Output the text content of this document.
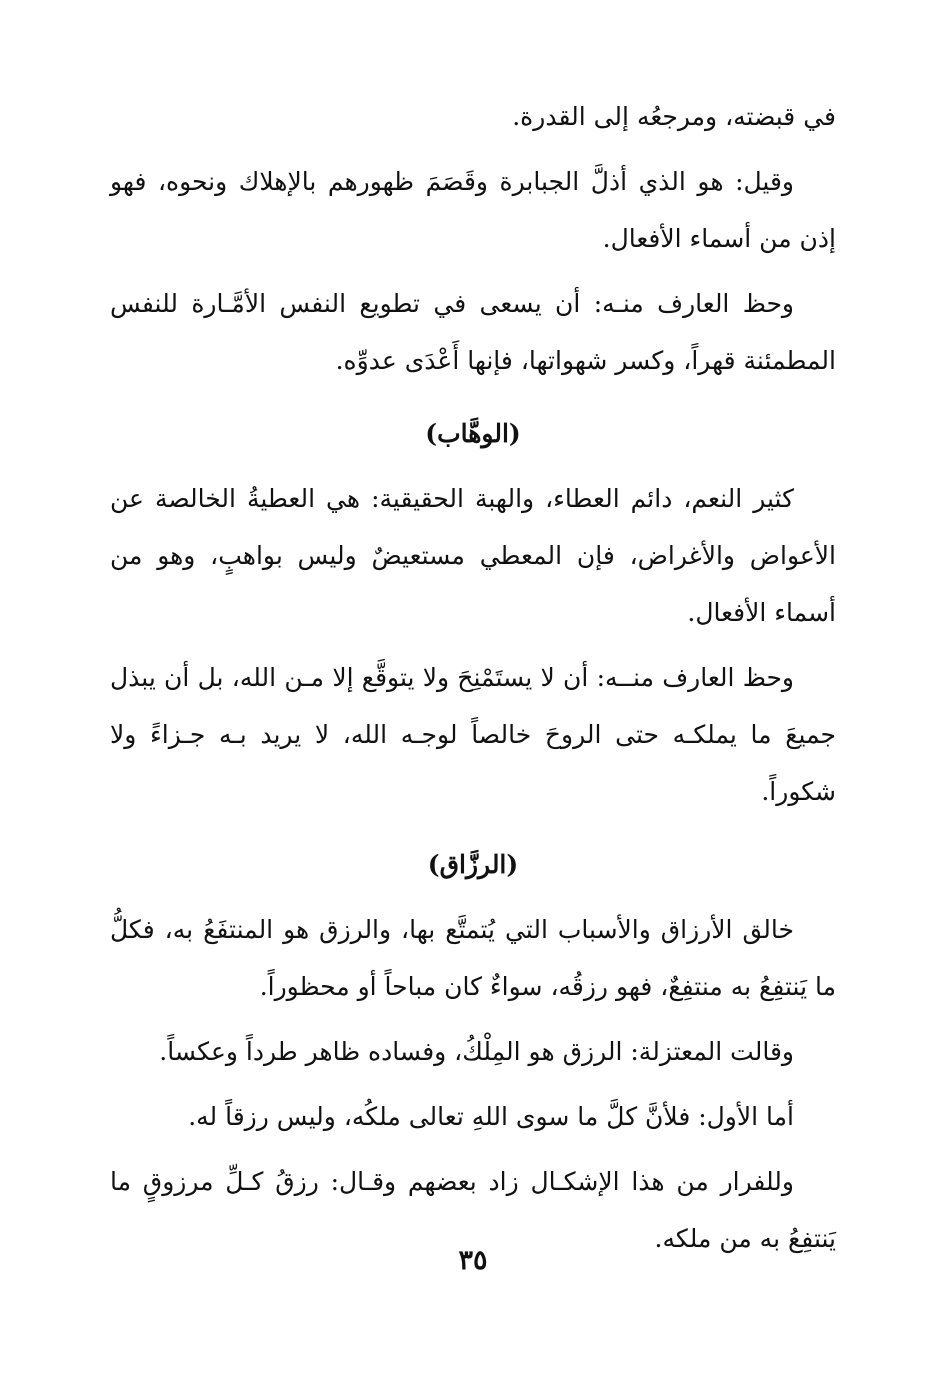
في قبضته، ومرجعُه إلى القدرة.

وقيل: هو الذي أذلَّ الجبابرة وقَصَمَ ظهورهم بالإهلاك ونحوه، فهو إذن من أسماء الأفعال.

وحظ العارف منـه: أن يسعى في تطويع النفس الأمَّـارة للنفس المطمئنة قهراً، وكسر شهواتها، فإنها أَعْدَى عدوِّه.

(الوهَّاب)

كثير النعم، دائم العطاء، والهبة الحقيقية: هي العطيةُ الخالصة عن الأعواض والأغراض، فإن المعطي مستعيضٌ وليس بواهبٍ، وهو من أسماء الأفعال.

وحظ العارف منــه: أن لا يستَمْنِحَ ولا يتوقَّع إلا مـن الله، بل أن يبذل جميعَ ما يملكـه حتى الروحَ خالصاً لوجـه الله، لا يريد بـه جـزاءً ولا شكوراً.

(الرزَّاق)

خالق الأرزاق والأسباب التي يُتمتَّع بها، والرزق هو المنتفَعُ به، فكلُّ ما يَنتفِعُ به منتفِعٌ، فهو رزقُه، سواءٌ كان مباحاً أو محظوراً.

وقالت المعتزلة: الرزق هو المِلْكُ، وفساده ظاهر طرداً وعكساً.

أما الأول: فلأنَّ كلَّ ما سوى اللهِ تعالى ملكُه، وليس رزقاً له.

وللفرار من هذا الإشكـال زاد بعضهم وقـال: رزقُ كـلِّ مرزوقٍ ما يَنتفِعُ به من ملكه.

٣٥
